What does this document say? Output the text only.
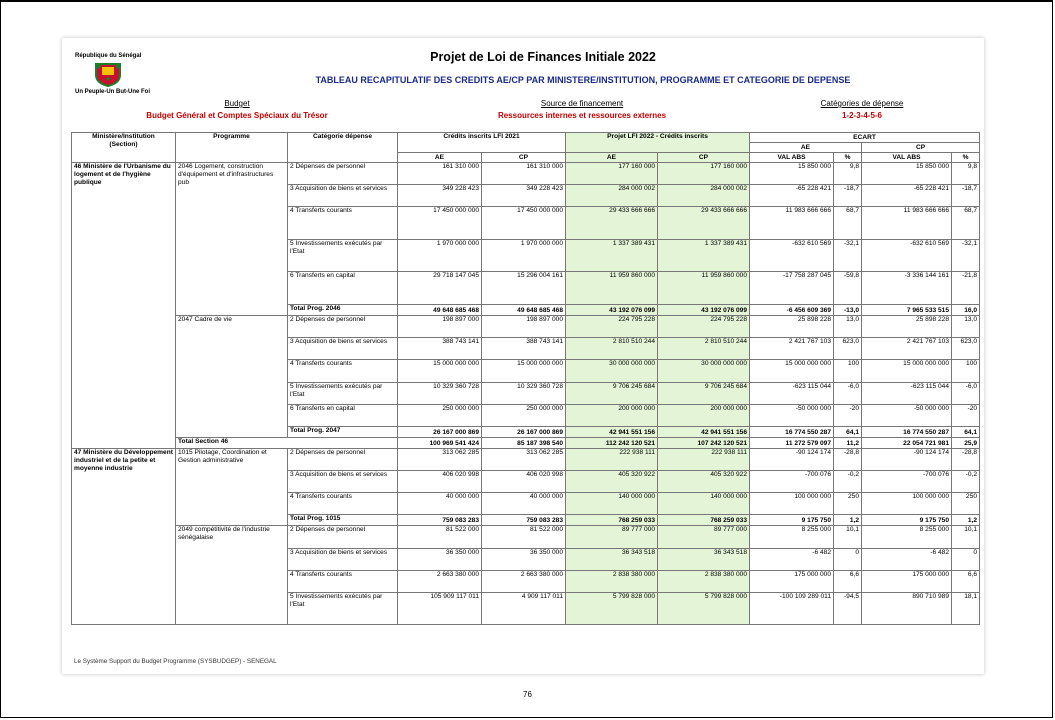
République du Sénégal
Un Peuple-Un But-Une Foi
Projet de Loi de Finances Initiale 2022
TABLEAU RECAPITULATIF DES CREDITS AE/CP PAR MINISTERE/INSTITUTION, PROGRAMME ET CATEGORIE DE DEPENSE
Budget
Budget Général et Comptes Spéciaux du Trésor
Source de financement
Ressources internes et ressources externes
Catégories de dépense
1-2-3-4-5-6
Ministère/Institution
(Section)	Programme	Catégorie dépense	Crédits inscrits LFI 2021		Projet LFI 2022 - Crédits inscrits		ECART			
							AE		CP	
			AE	CP	AE	CP	VAL ABS	%	VAL ABS	%
46 Ministère de l'Urbanisme du logement et de l'hygiène publique	2046 Logement, construction d'équipement et d'infrastructures pub	2 Dépenses de personnel	161 310 000	161 310 000	177 160 000	177 160 000	15 850 000	9,8	15 850 000	9,8
		3 Acquisition de biens et services	349 228 423	349 228 423	284 000 002	284 000 002	-65 228 421	-18,7	-65 228 421	-18,7
		4 Transferts courants	17 450 000 000	17 450 000 000	29 433 666 666	29 433 666 666	11 983 666 666	68,7	11 983 666 666	68,7
		5 Investissements exécutés par l'Etat	1 970 000 000	1 970 000 000	1 337 389 431	1 337 389 431	-632 610 569	-32,1	-632 610 569	-32,1
		6 Transferts en capital	29 718 147 045	15 296 004 161	11 959 860 000	11 959 860 000	-17 758 287 045	-59,8	-3 336 144 161	-21,8
		Total Prog. 2046	49 648 685 468	49 648 685 468	43 192 076 099	43 192 076 099	-6 456 609 369	-13,0	7 965 533 515	16,0
	2047 Cadre de vie	2 Dépenses de personnel	198 897 000	198 897 000	224 795 228	224 795 228	25 898 228	13,0	25 898 228	13,0
		3 Acquisition de biens et services	388 743 141	388 743 141	2 810 510 244	2 810 510 244	2 421 767 103	623,0	2 421 767 103	623,0
		4 Transferts courants	15 000 000 000	15 000 000 000	30 000 000 000	30 000 000 000	15 000 000 000	100	15 000 000 000	100
		5 Investissements exécutés par l'Etat	10 329 360 728	10 329 360 728	9 706 245 684	9 706 245 684	-623 115 044	-6,0	-623 115 044	-6,0
		6 Transferts en capital	250 000 000	250 000 000	200 000 000	200 000 000	-50 000 000	-20	-50 000 000	-20
		Total Prog. 2047	26 167 000 869	26 167 000 869	42 941 551 156	42 941 551 156	16 774 550 287	64,1	16 774 550 287	64,1
	Total Section 46		100 969 541 424	85 187 398 540	112 242 120 521	107 242 120 521	11 272 579 097	11,2	22 054 721 981	25,9
47 Ministère du Développement industriel et de la petite et moyenne industrie	1015 Pilotage, Coordination et Gestion administrative	2 Dépenses de personnel	313 062 285	313 062 285	222 938 111	222 938 111	-90 124 174	-28,8	-90 124 174	-28,8
		3 Acquisition de biens et services	406 020 998	406 020 998	405 320 922	405 320 922	-700 076	-0,2	-700 076	-0,2
		4 Transferts courants	40 000 000	40 000 000	140 000 000	140 000 000	100 000 000	250	100 000 000	250
		Total Prog. 1015	759 083 283	759 083 283	768 259 033	768 259 033	9 175 750	1,2	9 175 750	1,2
	2049 compétitivité de l'industrie sénégalaise	2 Dépenses de personnel	81 522 000	81 522 000	89 777 000	89 777 000	8 255 000	10,1	8 255 000	10,1
		3 Acquisition de biens et services	36 350 000	36 350 000	36 343 518	36 343 518	-6 482	0	-6 482	0
		4 Transferts courants	2 663 380 000	2 663 380 000	2 838 380 000	2 838 380 000	175 000 000	6,6	175 000 000	6,6
		5 Investissements exécutés par l'Etat	105 909 117 011	4 909 117 011	5 799 828 000	5 799 828 000	-100 109 289 011	-94,5	890 710 989	18,1
Le Système Support du Budget Programme (SYSBUDGEP) - SENEGAL
76
